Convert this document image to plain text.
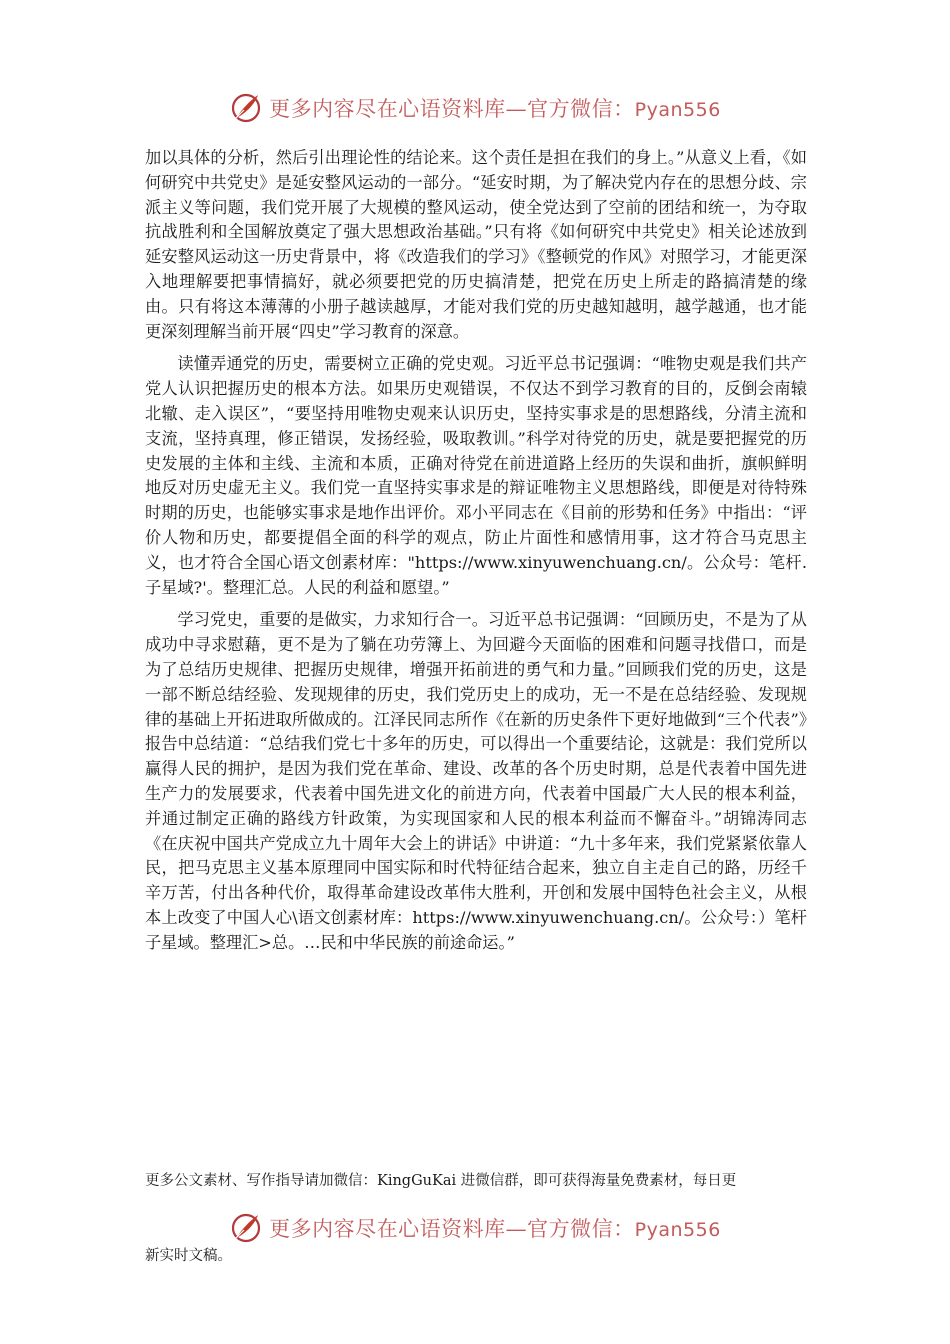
更多内容尽在心语资料库—官方微信：Pyan556

加以具体的分析，然后引出理论性的结论来。这个责任是担在我们的身上。”从意义上看，《如何研究中共党史》是延安整风运动的一部分。“延安时期，为了解决党内存在的思想分歧、宗派主义等问题，我们党开展了大规模的整风运动，使全党达到了空前的团结和统一，为夺取抗战胜利和全国解放奠定了强大思想政治基础。”只有将《如何研究中共党史》相关论述放到延安整风运动这一历史背景中，将《改造我们的学习》《整顿党的作风》对照学习，才能更深入地理解要把事情搞好，就必须要把党的历史搞清楚，把党在历史上所走的路搞清楚的缘由。只有将这本薄薄的小册子越读越厚，才能对我们党的历史越知越明，越学越通，也才能更深刻理解当前开展“四史”学习教育的深意。

读懂弄通党的历史，需要树立正确的党史观。习近平总书记强调：“唯物史观是我们共产党人认识把握历史的根本方法。如果历史观错误，不仅达不到学习教育的目的，反倒会南辕北辙、走入误区”，“要坚持用唯物史观来认识历史，坚持实事求是的思想路线，分清主流和支流，坚持真理，修正错误，发扬经验，吸取教训。”科学对待党的历史，就是要把握党的历史发展的主体和主线、主流和本质，正确对待党在前进道路上经历的失误和曲折，旗帜鲜明地反对历史虚无主义。我们党一直坚持实事求是的辩证唯物主义思想路线，即便是对待特殊时期的历史，也能够实事求是地作出评价。邓小平同志在《目前的形势和任务》中指出：“评价人物和历史，都要提倡全面的科学的观点，防止片面性和感情用事，这才符合马克思主义，也才符合全国心语文创素材库："https://www.xinyuwenchuang.cn/。公众号：笔杆.子星域?'。整理汇总。人民的利益和愿望。”

学习党史，重要的是做实，力求知行合一。习近平总书记强调：“回顾历史，不是为了从成功中寻求慰藉，更不是为了躺在功劳簿上、为回避今天面临的困难和问题寻找借口，而是为了总结历史规律、把握历史规律，增强开拓前进的勇气和力量。”回顾我们党的历史，这是一部不断总结经验、发现规律的历史，我们党历史上的成功，无一不是在总结经验、发现规律的基础上开拓进取所做成的。江泽民同志所作《在新的历史条件下更好地做到“三个代表”》报告中总结道：“总结我们党七十多年的历史，可以得出一个重要结论，这就是：我们党所以赢得人民的拥护，是因为我们党在革命、建设、改革的各个历史时期，总是代表着中国先进生产力的发展要求，代表着中国先进文化的前进方向，代表着中国最广大人民的根本利益，并通过制定正确的路线方针政策，为实现国家和人民的根本利益而不懈奋斗。”胡锦涛同志《在庆祝中国共产党成立九十周年大会上的讲话》中讲道：“九十多年来，我们党紧紧依靠人民，把马克思主义基本原理同中国实际和时代特征结合起来，独立自主走自己的路，历经千辛万苦，付出各种代价，取得革命建设改革伟大胜利，开创和发展中国特色社会主义，从根本上改变了中国人心\语文创素材库：https://www.xinyuwenchuang.cn/。公众号：）笔杆子星域。整理汇>总。…民和中华民族的前途命运。”

更多公文素材、写作指导请加微信：KingGuKai 进微信群，即可获得海量免费素材，每日更
更多内容尽在心语资料库—官方微信：Pyan556
新实时文稿。
